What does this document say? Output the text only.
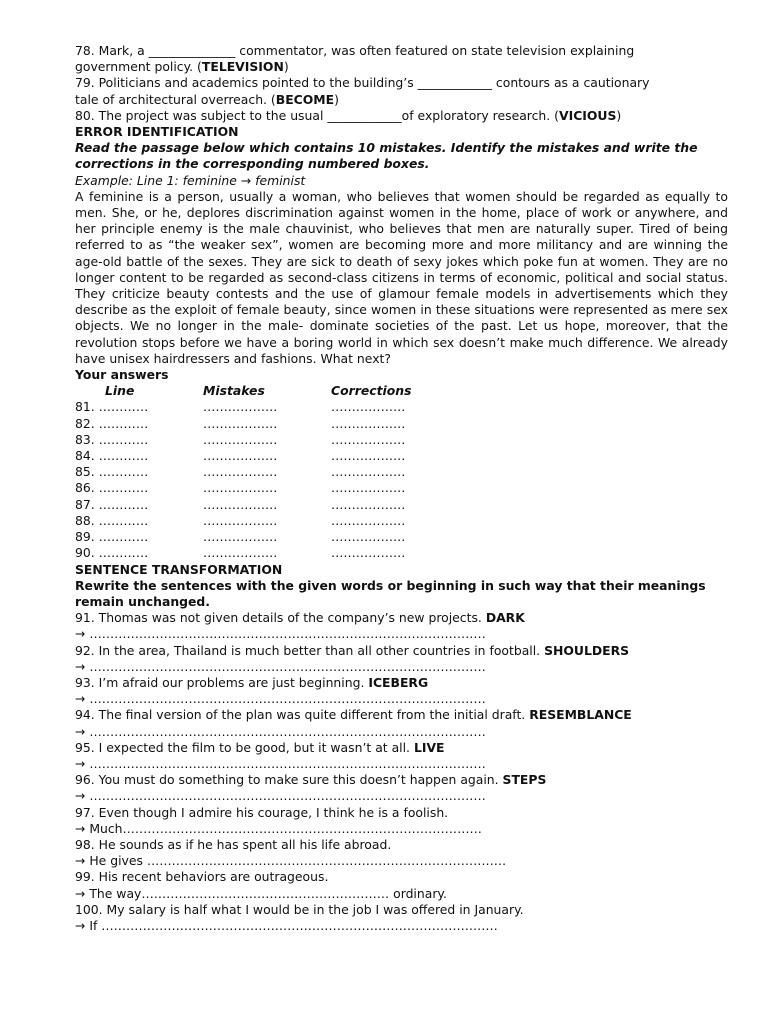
78. Mark, a ______________ commentator, was often featured on state television explaining
government policy. (TELEVISION)
79. Politicians and academics pointed to the building’s ____________ contours as a cautionary
tale of architectural overreach. (BECOME)
80. The project was subject to the usual ____________of exploratory research. (VICIOUS)
ERROR IDENTIFICATION
Read the passage below which contains 10 mistakes. Identify the mistakes and write the corrections in the corresponding numbered boxes.
Example: Line 1: feminine → feminist
A feminine is a person, usually a woman, who believes that women should be regarded as equally to men. She, or he, deplores discrimination against women in the home, place of work or anywhere, and her principle enemy is the male chauvinist, who believes that men are naturally super. Tired of being referred to as “the weaker sex”, women are becoming more and more militancy and are winning the age-old battle of the sexes. They are sick to death of sexy jokes which poke fun at women. They are no longer content to be regarded as second-class citizens in terms of economic, political and social status. They criticize beauty contests and the use of glamour female models in advertisements which they describe as the exploit of female beauty, since women in these situations were represented as mere sex objects. We no longer in the male- dominate societies of the past. Let us hope, moreover, that the revolution stops before we have a boring world in which sex doesn’t make much difference. We already have unisex hairdressers and fashions. What next?
Your answers
Line	Mistakes	Corrections
81. …………	………………	………………
82. …………	………………	………………
83. …………	………………	………………
84. …………	………………	………………
85. …………	………………	………………
86. …………	………………	………………
87. …………	………………	………………
88. …………	………………	………………
89. …………	………………	………………
90. …………	………………	………………
SENTENCE TRANSFORMATION
Rewrite the sentences with the given words or beginning in such way that their meanings remain unchanged.
91. Thomas was not given details of the company’s new projects. DARK
→ ……………………………………………………………………………………
92. In the area, Thailand is much better than all other countries in football. SHOULDERS
→ ……………………………………………………………………………………
93. I’m afraid our problems are just beginning. ICEBERG
→ ……………………………………………………………………………………
94. The final version of the plan was quite different from the initial draft. RESEMBLANCE
→ ……………………………………………………………………………………
95. I expected the film to be good, but it wasn’t at all. LIVE
→ ……………………………………………………………………………………
96. You must do something to make sure this doesn’t happen again. STEPS
→ ……………………………………………………………………………………
97. Even though I admire his courage, I think he is a foolish.
→ Much……………………………………………………………………………
98. He sounds as if he has spent all his life abroad.
→ He gives ……………………………………………………………………………
99. His recent behaviors are outrageous.
→ The way…………………………………………………… ordinary.
100. My salary is half what I would be in the job I was offered in January.
→ If ……………………………………………………………………………………
